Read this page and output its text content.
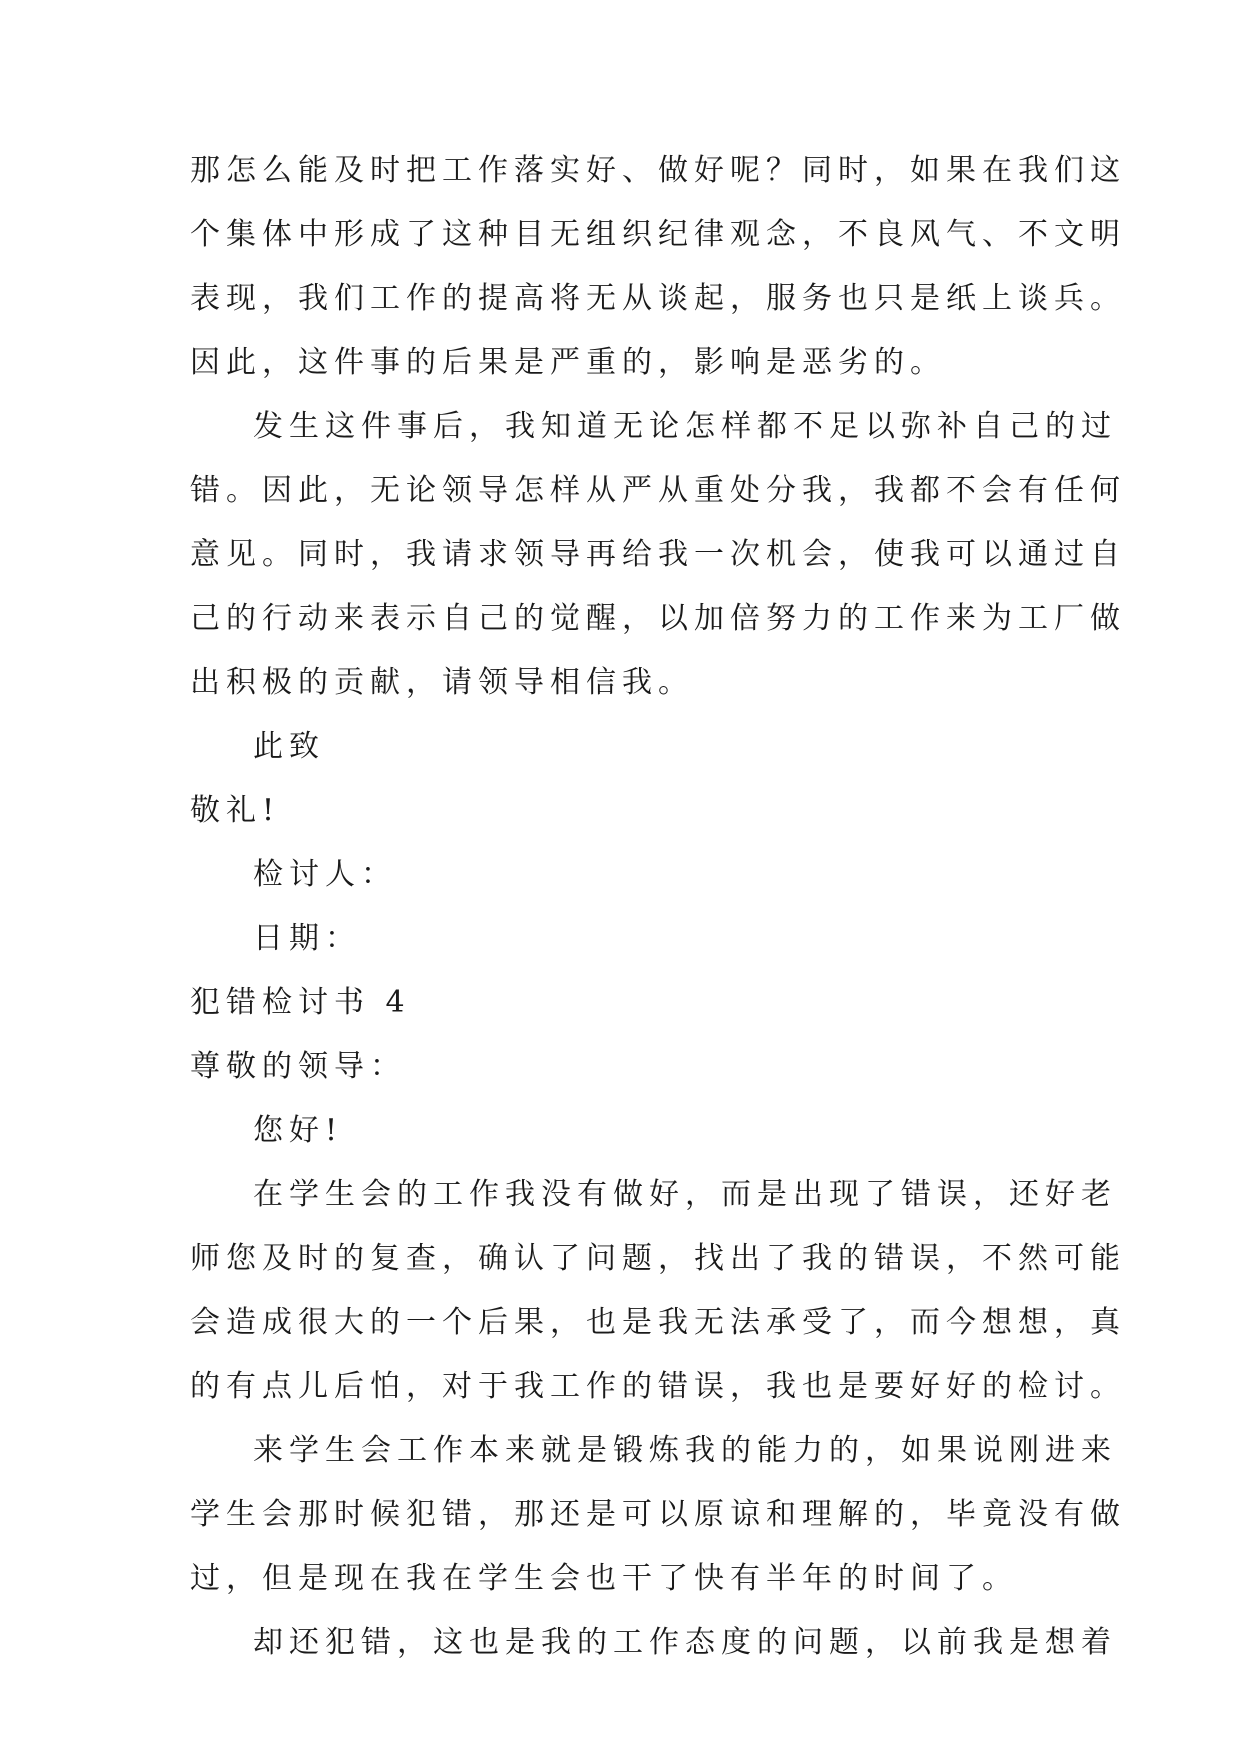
那怎么能及时把工作落实好、做好呢？同时，如果在我们这
个集体中形成了这种目无组织纪律观念，不良风气、不文明
表现，我们工作的提高将无从谈起，服务也只是纸上谈兵。
因此，这件事的后果是严重的，影响是恶劣的。
发生这件事后，我知道无论怎样都不足以弥补自己的过
错。因此，无论领导怎样从严从重处分我，我都不会有任何
意见。同时，我请求领导再给我一次机会，使我可以通过自
己的行动来表示自己的觉醒，以加倍努力的工作来为工厂做
出积极的贡献，请领导相信我。
此致
敬礼!
检讨人：
日期：
犯错检讨书 4
尊敬的领导：
您好!
在学生会的工作我没有做好，而是出现了错误，还好老
师您及时的复查，确认了问题，找出了我的错误，不然可能
会造成很大的一个后果，也是我无法承受了，而今想想，真
的有点儿后怕，对于我工作的错误，我也是要好好的检讨。
来学生会工作本来就是锻炼我的能力的，如果说刚进来
学生会那时候犯错，那还是可以原谅和理解的，毕竟没有做
过，但是现在我在学生会也干了快有半年的时间了。
却还犯错，这也是我的工作态度的问题，以前我是想着
